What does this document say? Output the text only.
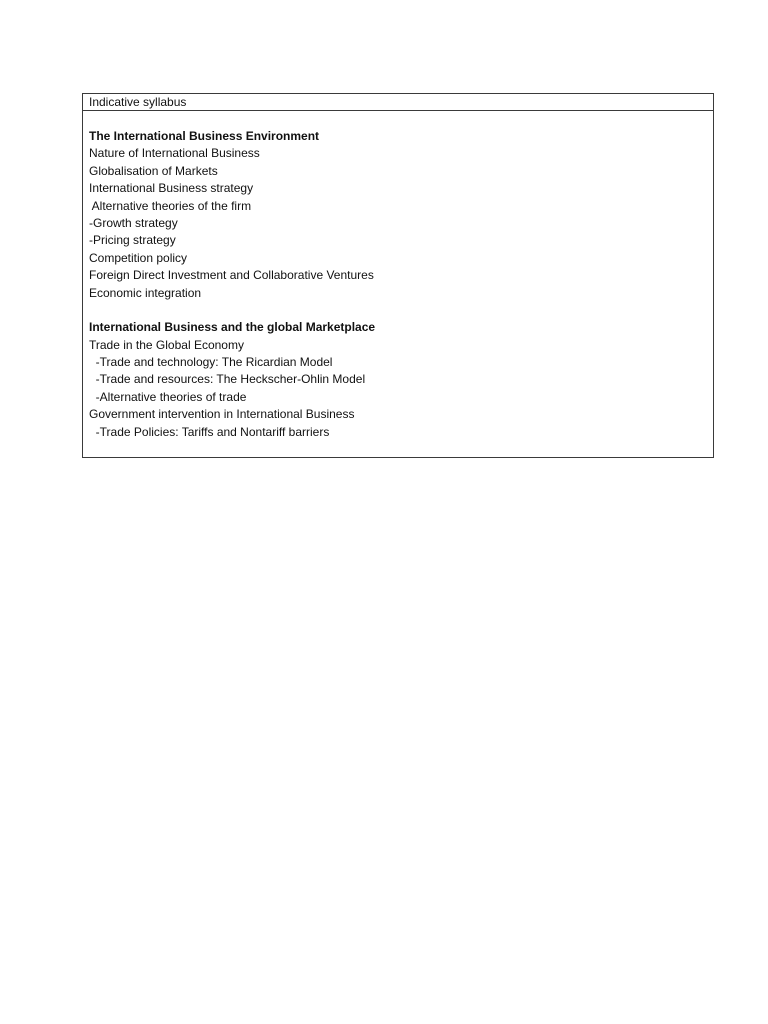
Indicative syllabus
The International Business Environment
Nature of International Business
Globalisation of Markets
International Business strategy
Alternative theories of the firm
-Growth strategy
-Pricing strategy
Competition policy
Foreign Direct Investment and Collaborative Ventures
Economic integration
International Business and the global Marketplace
Trade in the Global Economy
-Trade and technology: The Ricardian Model
-Trade and resources: The Heckscher-Ohlin Model
-Alternative theories of trade
Government intervention in International Business
-Trade Policies: Tariffs and Nontariff barriers
